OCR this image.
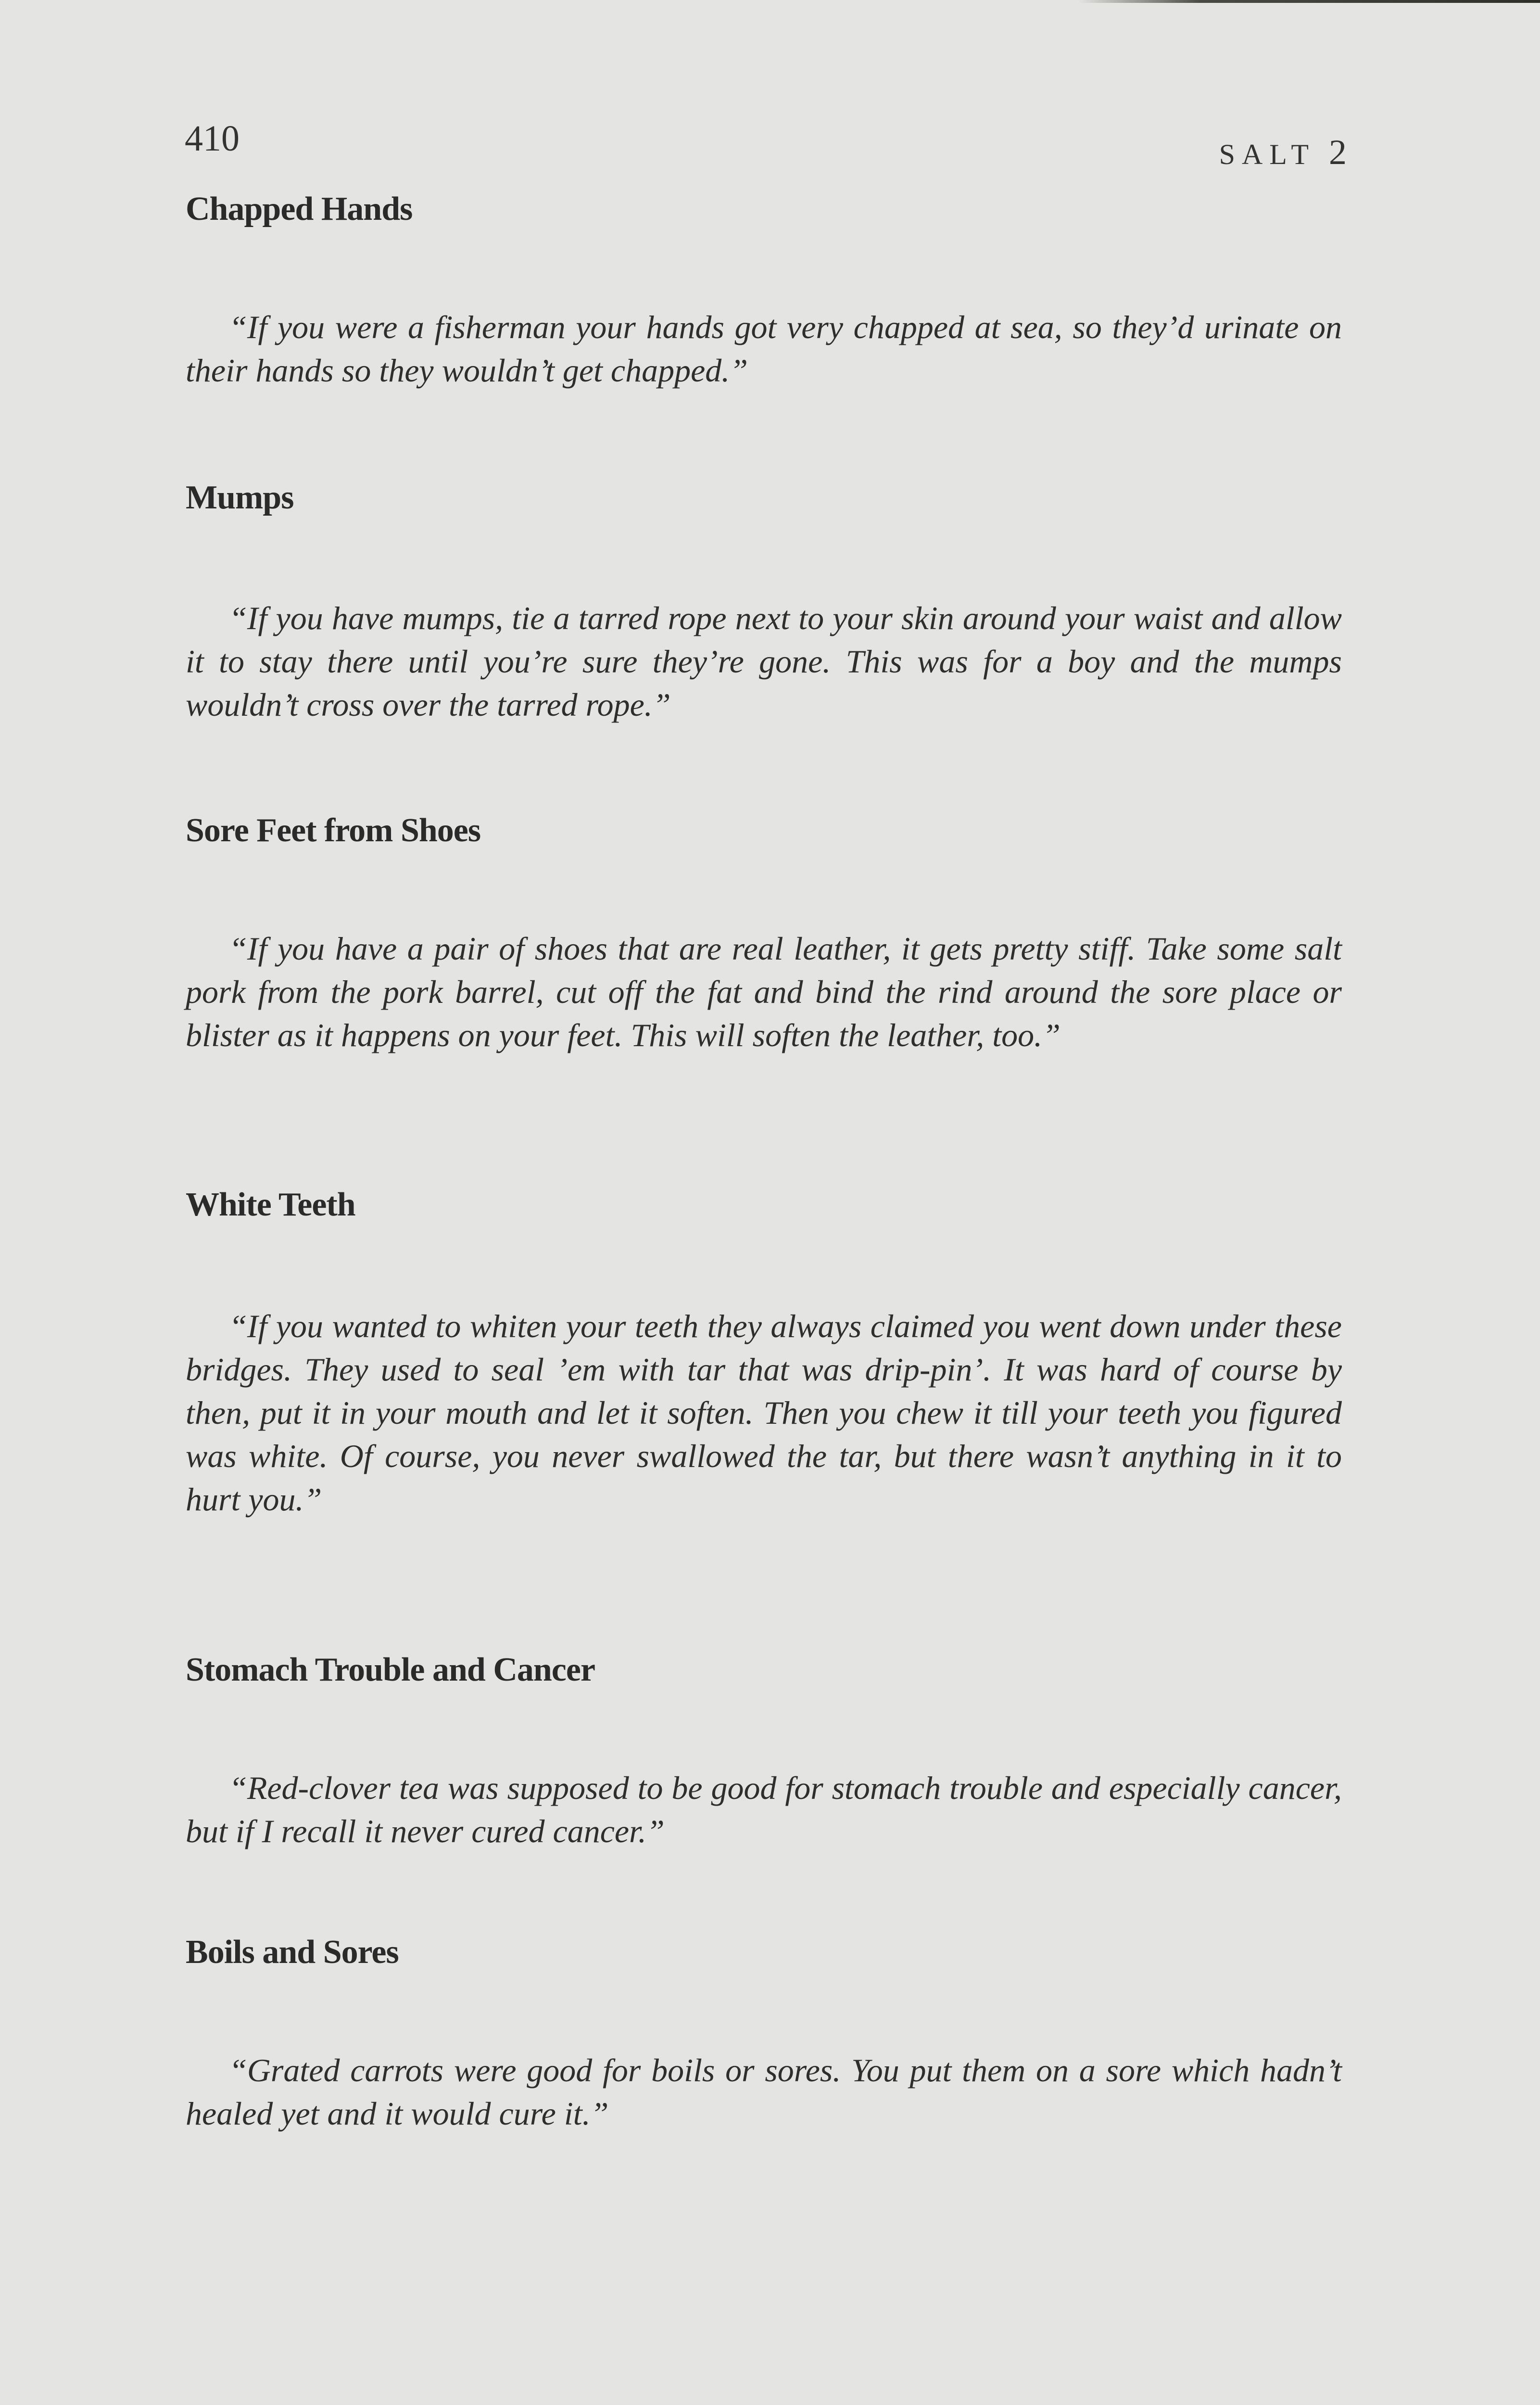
410	SALT 2
Chapped Hands

“If you were a fisherman your hands got very chapped at sea, so they’d urinate on their hands so they wouldn’t get chapped.”

Mumps

“If you have mumps, tie a tarred rope next to your skin around your waist and allow it to stay there until you’re sure they’re gone. This was for a boy and the mumps wouldn’t cross over the tarred rope.”

Sore Feet from Shoes

“If you have a pair of shoes that are real leather, it gets pretty stiff. Take some salt pork from the pork barrel, cut off the fat and bind the rind around the sore place or blister as it happens on your feet. This will soften the leather, too.”

White Teeth

“If you wanted to whiten your teeth they always claimed you went down under these bridges. They used to seal ’em with tar that was drip-pin’. It was hard of course by then, put it in your mouth and let it soften. Then you chew it till your teeth you figured was white. Of course, you never swallowed the tar, but there wasn’t anything in it to hurt you.”

Stomach Trouble and Cancer

“Red-clover tea was supposed to be good for stomach trouble and especially cancer, but if I recall it never cured cancer.”

Boils and Sores

“Grated carrots were good for boils or sores. You put them on a sore which hadn’t healed yet and it would cure it.”
